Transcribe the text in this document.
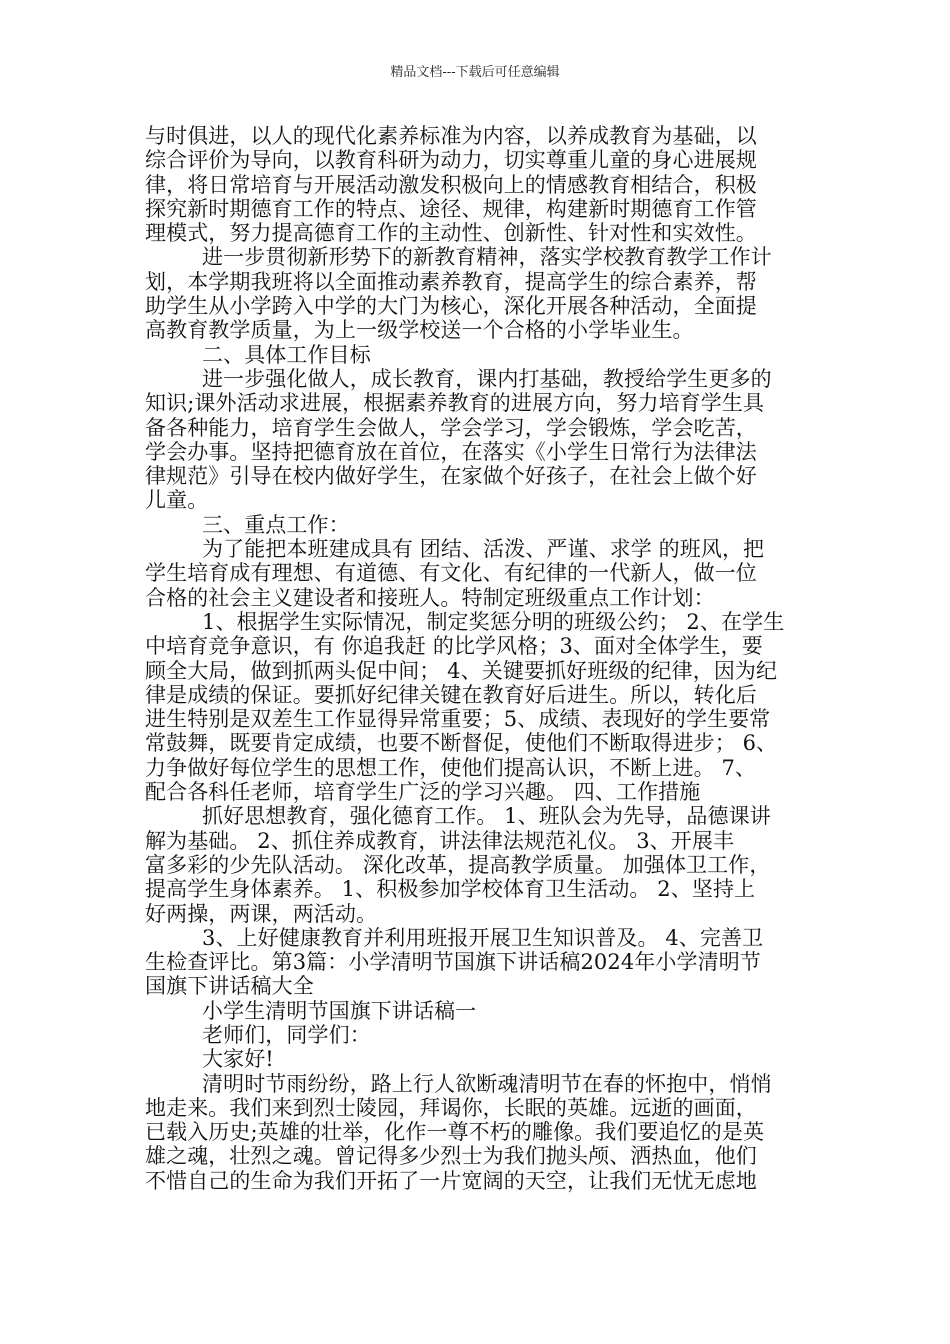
精品文档---下载后可任意编辑
与时俱进，以人的现代化素养标准为内容，以养成教育为基础，以
综合评价为导向，以教育科研为动力，切实尊重儿童的身心进展规
律，将日常培育与开展活动激发积极向上的情感教育相结合，积极
探究新时期德育工作的特点、途径、规律，构建新时期德育工作管
理模式，努力提高德育工作的主动性、创新性、针对性和实效性。
进一步贯彻新形势下的新教育精神，落实学校教育教学工作计
划，本学期我班将以全面推动素养教育，提高学生的综合素养，帮
助学生从小学跨入中学的大门为核心，深化开展各种活动，全面提
高教育教学质量，为上一级学校送一个合格的小学毕业生。
二、具体工作目标
进一步强化做人，成长教育，课内打基础，教授给学生更多的
知识;课外活动求进展，根据素养教育的进展方向，努力培育学生具
备各种能力，培育学生会做人，学会学习，学会锻炼，学会吃苦，
学会办事。坚持把德育放在首位，在落实《小学生日常行为法律法
律规范》引导在校内做好学生，在家做个好孩子，在社会上做个好
儿童。
三、重点工作：
为了能把本班建成具有 团结、活泼、严谨、求学 的班风，把
学生培育成有理想、有道德、有文化、有纪律的一代新人，做一位
合格的社会主义建设者和接班人。特制定班级重点工作计划：
1、根据学生实际情况，制定奖惩分明的班级公约； 2、在学生
中培育竞争意识，有 你追我赶 的比学风格；3、面对全体学生，要
顾全大局，做到抓两头促中间； 4、关键要抓好班级的纪律，因为纪
律是成绩的保证。要抓好纪律关键在教育好后进生。所以，转化后
进生特别是双差生工作显得异常重要；5、成绩、表现好的学生要常
常鼓舞，既要肯定成绩，也要不断督促，使他们不断取得进步； 6、
力争做好每位学生的思想工作，使他们提高认识，不断上进。 7、
配合各科任老师，培育学生广泛的学习兴趣。 四、工作措施
抓好思想教育，强化德育工作。 1、班队会为先导，品德课讲
解为基础。 2、抓住养成教育，讲法律法规范礼仪。 3、开展丰
富多彩的少先队活动。 深化改革，提高教学质量。 加强体卫工作，
提高学生身体素养。 1、积极参加学校体育卫生活动。 2、坚持上
好两操，两课，两活动。
3、上好健康教育并利用班报开展卫生知识普及。 4、完善卫
生检查评比。第3篇：小学清明节国旗下讲话稿2024年小学清明节
国旗下讲话稿大全
小学生清明节国旗下讲话稿一
老师们，同学们：
大家好!
清明时节雨纷纷，路上行人欲断魂清明节在春的怀抱中，悄悄
地走来。我们来到烈士陵园，拜谒你，长眠的英雄。远逝的画面，
已载入历史;英雄的壮举，化作一尊不朽的雕像。我们要追忆的是英
雄之魂，壮烈之魂。曾记得多少烈士为我们抛头颅、洒热血，他们
不惜自己的生命为我们开拓了一片宽阔的天空，让我们无忧无虑地
